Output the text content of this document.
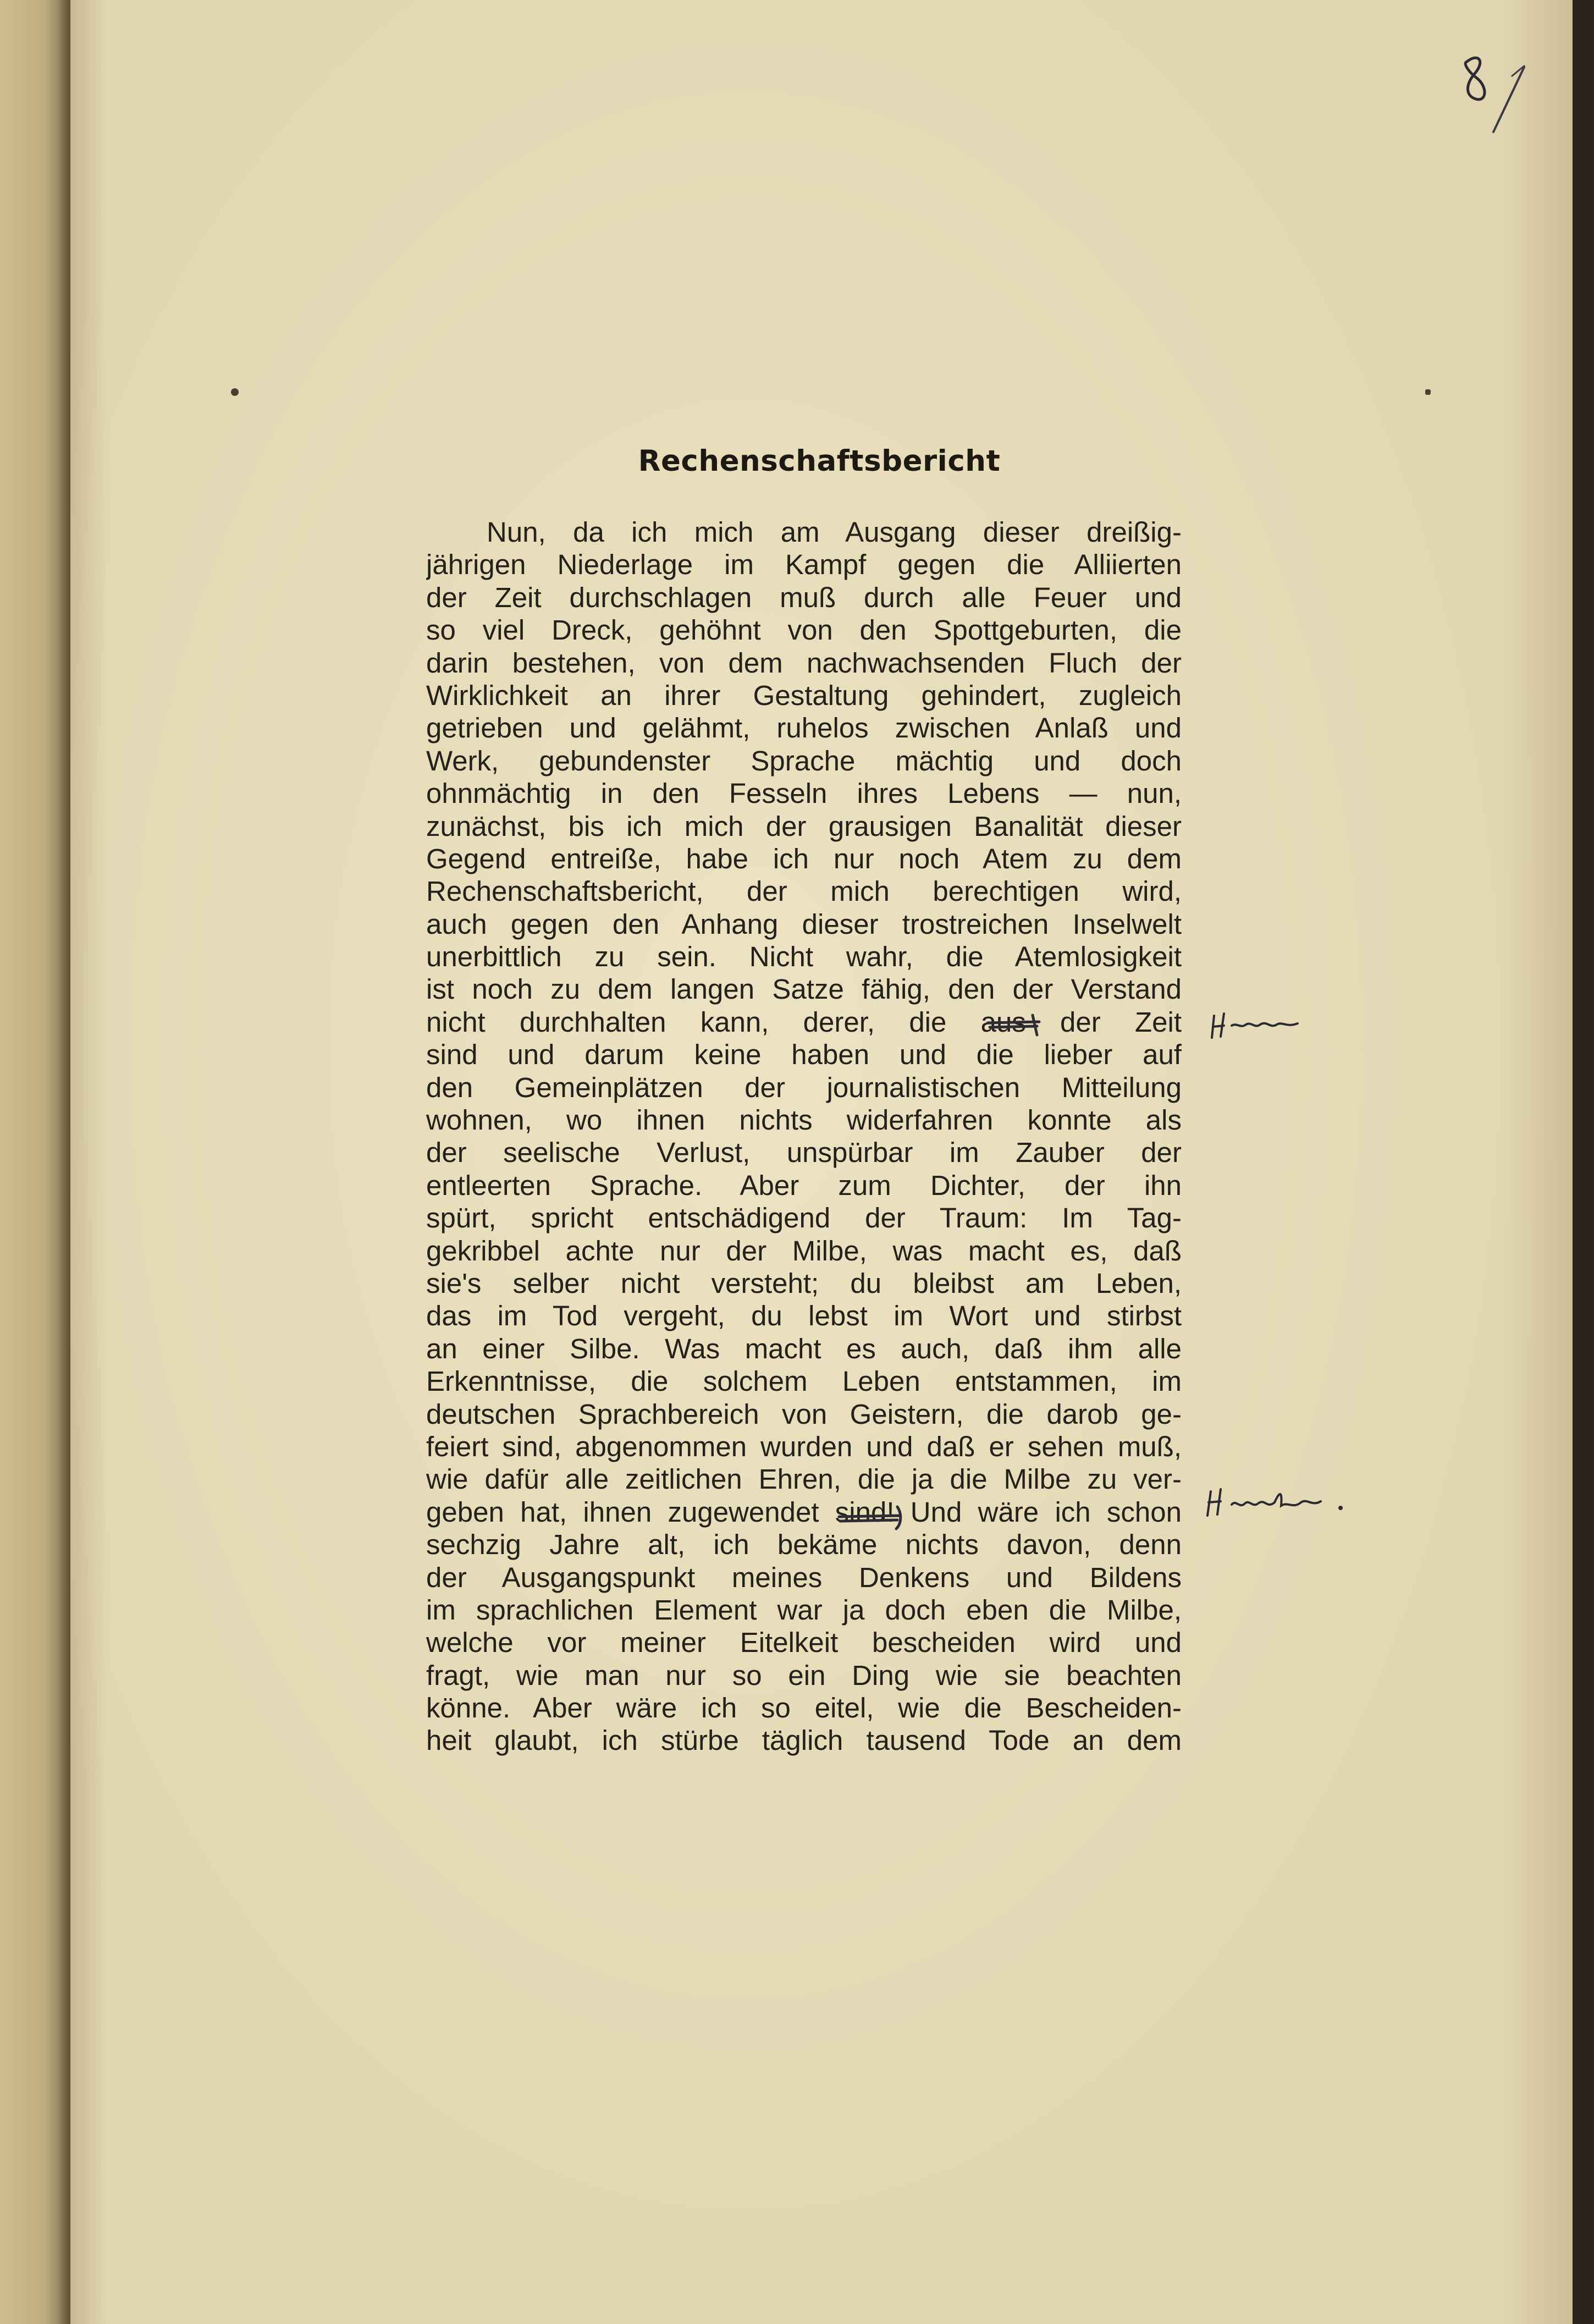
Rechenschaftsbericht
Nun, da ich mich am Ausgang dieser dreißig-
jährigen Niederlage im Kampf gegen die Alliierten
der Zeit durchschlagen muß durch alle Feuer und
so viel Dreck, gehöhnt von den Spottgeburten, die
darin bestehen, von dem nachwachsenden Fluch der
Wirklichkeit an ihrer Gestaltung gehindert, zugleich
getrieben und gelähmt, ruhelos zwischen Anlaß und
Werk, gebundenster Sprache mächtig und doch
ohnmächtig in den Fesseln ihres Lebens — nun,
zunächst, bis ich mich der grausigen Banalität dieser
Gegend entreiße, habe ich nur noch Atem zu dem
Rechenschaftsbericht, der mich berechtigen wird,
auch gegen den Anhang dieser trostreichen Inselwelt
unerbittlich zu sein. Nicht wahr, die Atemlosigkeit
ist noch zu dem langen Satze fähig, den der Verstand
nicht durchhalten kann, derer, die aus der Zeit
sind und darum keine haben und die lieber auf
den Gemeinplätzen der journalistischen Mitteilung
wohnen, wo ihnen nichts widerfahren konnte als
der seelische Verlust, unspürbar im Zauber der
entleerten Sprache. Aber zum Dichter, der ihn
spürt, spricht entschädigend der Traum: Im Tag-
gekribbel achte nur der Milbe, was macht es, daß
sie's selber nicht versteht; du bleibst am Leben,
das im Tod vergeht, du lebst im Wort und stirbst
an einer Silbe. Was macht es auch, daß ihm alle
Erkenntnisse, die solchem Leben entstammen, im
deutschen Sprachbereich von Geistern, die darob ge-
feiert sind, abgenommen wurden und daß er sehen muß,
wie dafür alle zeitlichen Ehren, die ja die Milbe zu ver-
geben hat, ihnen zugewendet sind! Und wäre ich schon
sechzig Jahre alt, ich bekäme nichts davon, denn
der Ausgangspunkt meines Denkens und Bildens
im sprachlichen Element war ja doch eben die Milbe,
welche vor meiner Eitelkeit bescheiden wird und
fragt, wie man nur so ein Ding wie sie beachten
könne. Aber wäre ich so eitel, wie die Bescheiden-
heit glaubt, ich stürbe täglich tausend Tode an dem
